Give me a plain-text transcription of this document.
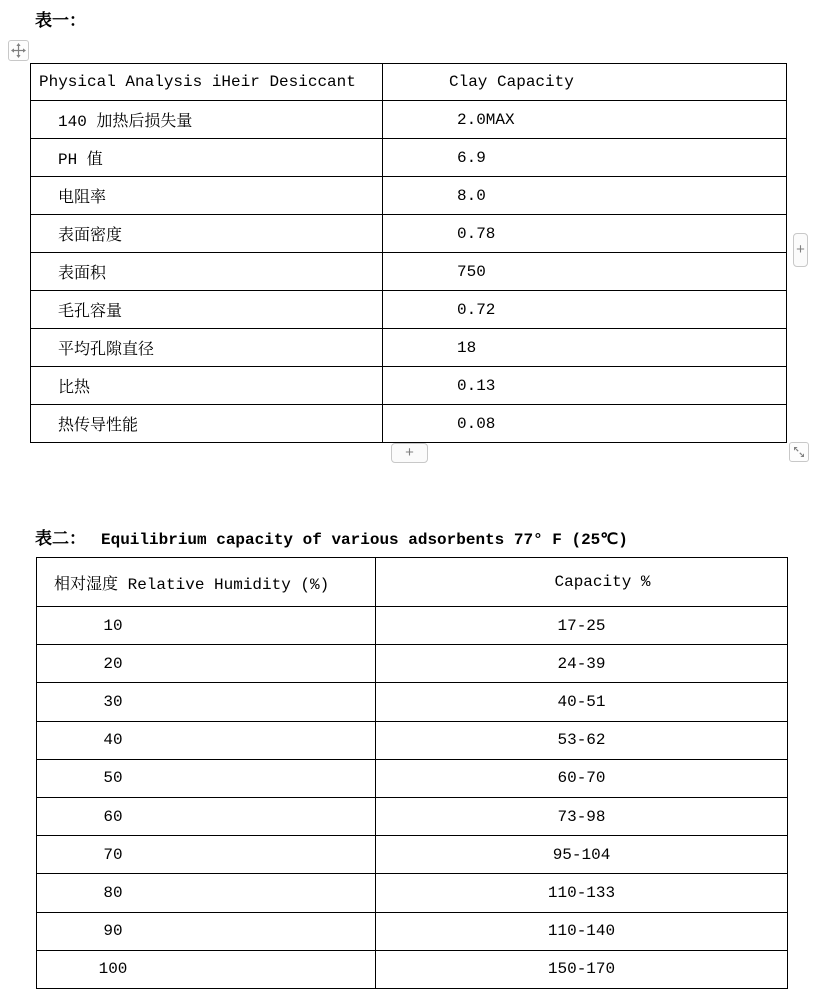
表一：
Physical Analysis iHeir Desiccant	Clay Capacity
140 加热后损失量	2.0MAX
PH 值	6.9
电阻率	8.0
表面密度	0.78
表面积	750
毛孔容量	0.72
平均孔隙直径	18
比热	0.13
热传导性能	0.08
+
+
表二： Equilibrium capacity of various adsorbents 77° F (25℃)
相对湿度 Relative Humidity (%)	Capacity %
10	17-25
20	24-39
30	40-51
40	53-62
50	60-70
60	73-98
70	95-104
80	110-133
90	110-140
100	150-170
